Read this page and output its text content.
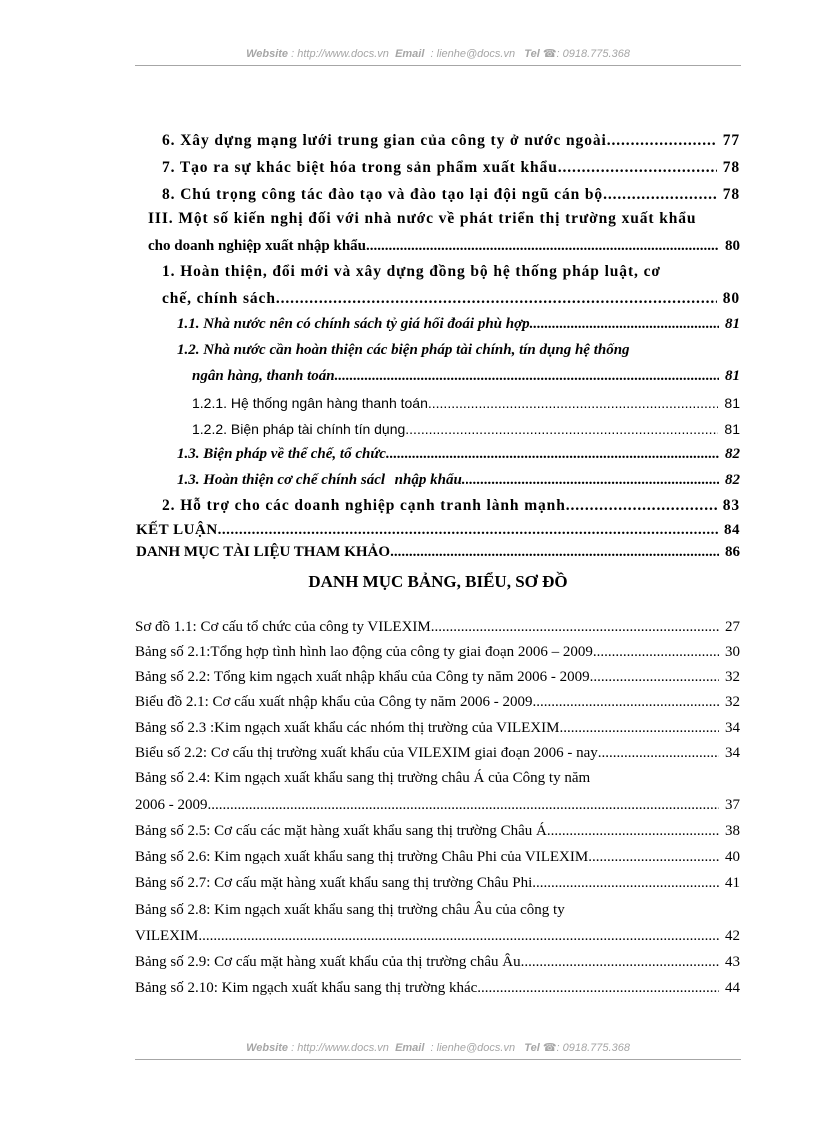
Website : http://www.docs.vn Email : lienhe@docs.vn Tel ☎: 0918.775.368
6. Xây dựng mạng lưới trung gian của công ty ở nước ngoài .....	77
7. Tạo ra sự khác biệt hóa trong sản phẩm xuất khẩu .....	78
8. Chú trọng công tác đào tạo và đào tạo lại đội ngũ cán bộ .....	78
III. Một số kiến nghị đối với nhà nước về phát triển thị trường xuất khẩu
cho doanh nghiệp xuất nhập khẩu .....	80
1. Hoàn thiện, đổi mới và xây dựng đồng bộ hệ thống pháp luật, cơ
chế, chính sách .....	80
1.1. Nhà nước nên có chính sách tỷ giá hối đoái phù hợp. .....	81
1.2. Nhà nước cần hoàn thiện các biện pháp tài chính, tín dụng hệ thống
ngân hàng, thanh toán. .....	81
1.2.1. Hệ thống ngân hàng thanh toán. .....	81
1.2.2. Biện pháp tài chính tín dụng .....	81
1.3. Biện pháp về thể chế, tổ chức. .....	82
1.3. Hoàn thiện cơ chế chính sácl nhập khẩu. .....	82
2. Hỗ trợ cho các doanh nghiệp cạnh tranh lành mạnh .....	83
KẾT LUẬN .....	84
DANH MỤC TÀI LIỆU THAM KHẢO .....	86
DANH MỤC BẢNG, BIỂU, SƠ ĐỒ
Sơ đồ 1.1: Cơ cấu tổ chức của công ty VILEXIM .....	27
Bảng số 2.1:Tổng hợp tình hình lao động của công ty giai đoạn 2006 – 2009 .....	30
Bảng số 2.2: Tổng kim ngạch xuất nhập khẩu của Công ty năm 2006 - 2009 .....	32
Biểu đồ 2.1: Cơ cấu xuất nhập khẩu của Công ty năm 2006 - 2009 .....	32
Bảng số 2.3 :Kim ngạch xuất khẩu các nhóm thị trường của VILEXIM .....	34
Biểu số 2.2: Cơ cấu thị trường xuất khẩu của VILEXIM giai đoạn 2006 - nay .....	34
Bảng số 2.4: Kim ngạch xuất khẩu sang thị trường châu Á của Công ty năm
2006 - 2009 .....	37
Bảng số 2.5: Cơ cấu các mặt hàng xuất khẩu sang thị trường Châu Á .....	38
Bảng số 2.6: Kim ngạch xuất khẩu sang thị trường Châu Phi của VILEXIM .....	40
Bảng số 2.7: Cơ cấu mặt hàng xuất khẩu sang thị trường Châu Phi .....	41
Bảng số 2.8: Kim ngạch xuất khẩu sang thị trường châu Âu của công ty
VILEXIM .....	42
Bảng số 2.9: Cơ cấu mặt hàng xuất khẩu của thị trường châu Âu .....	43
Bảng số 2.10: Kim ngạch xuất khẩu sang thị trường khác .....	44
Website : http://www.docs.vn Email : lienhe@docs.vn Tel ☎: 0918.775.368
